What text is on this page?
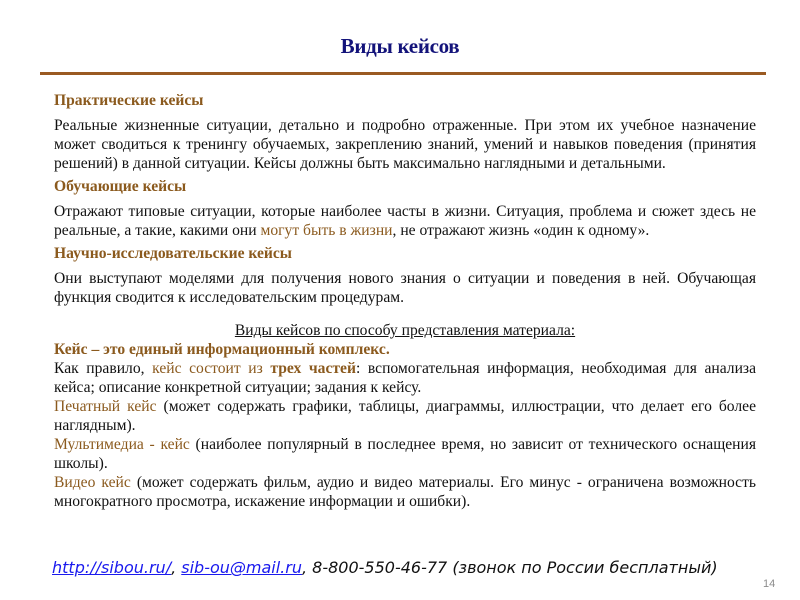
Виды кейсов
Практические кейсы

Реальные жизненные ситуации, детально и подробно отраженные. При этом их учебное назначение может сводиться к тренингу обучаемых, закреплению знаний, умений и навыков поведения (принятия решений) в данной ситуации. Кейсы должны быть максимально наглядными и детальными.

Обучающие кейсы

Отражают типовые ситуации, которые наиболее часты в жизни. Ситуация, проблема и сюжет здесь не реальные, а такие, какими они могут быть в жизни, не отражают жизнь «один к одному».

Научно-исследовательские кейсы

Они выступают моделями для получения нового знания о ситуации и поведения в ней. Обучающая функция сводится к исследовательским процедурам.

Виды кейсов по способу представления материала:
Кейс – это единый информационный комплекс.
Как правило, кейс состоит из трех частей: вспомогательная информация, необходимая для анализа кейса; описание конкретной ситуации; задания к кейсу.
Печатный кейс (может содержать графики, таблицы, диаграммы, иллюстрации, что делает его более наглядным).
Мультимедиа - кейс (наиболее популярный в последнее время, но зависит от технического оснащения школы).
Видео кейс (может содержать фильм, аудио и видео материалы. Его минус - ограничена возможность многократного просмотра, искажение информации и ошибки).
http://sibou.ru/, sib-ou@mail.ru, 8-800-550-46-77 (звонок по России бесплатный)
14
